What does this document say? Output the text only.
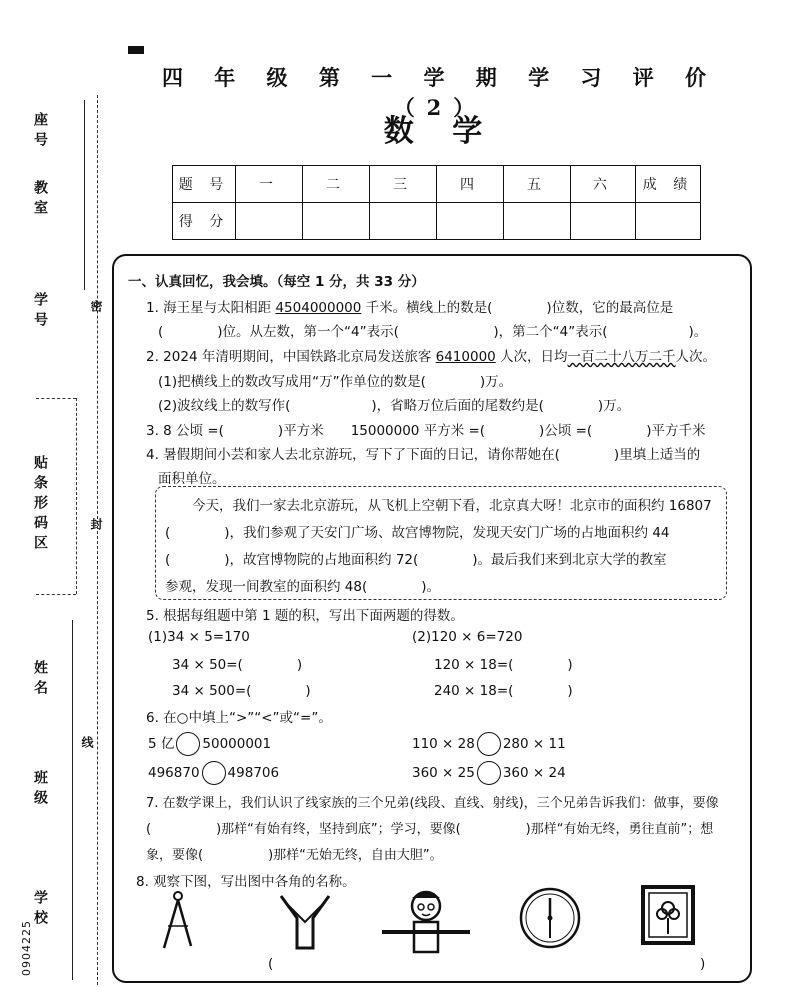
座号
教室
学号
贴条形码区
姓名
班级
学校
0904225
密
封
线
四 年 级 第 一 学 期 学 习 评 价（2）
数 学
题 号	一	二	三	四	五	六	成 绩
得 分							
一、认真回忆，我会填。（每空 1 分，共 33 分）
1. 海王星与太阳相距 4504000000 千米。横线上的数是(　　　　)位数，它的最高位是
(　　　　)位。从左数，第一个“4”表示(　　　　　　　)，第二个“4”表示(　　　　　　)。
2. 2024 年清明期间，中国铁路北京局发送旅客 6410000 人次，日均一百二十八万二千人次。
(1)把横线上的数改写成用“万”作单位的数是(　　　　)万。
(2)波纹线上的数写作(　　　　　　)，省略万位后面的尾数约是(　　　　)万。
3. 8 公顷 =(　　　　)平方米　　15000000 平方米 =(　　　　)公顷 =(　　　　)平方千米
4. 暑假期间小芸和家人去北京游玩，写下了下面的日记，请你帮她在(　　　　)里填上适当的
面积单位。
今天，我们一家去北京游玩，从飞机上空朝下看，北京真大呀！北京市的面积约 16807
(　　　　)，我们参观了天安门广场、故宫博物院，发现天安门广场的占地面积约 44
(　　　　)，故宫博物院的占地面积约 72(　　　　)。最后我们来到北京大学的教室
参观，发现一间教室的面积约 48(　　　　)。
5. 根据每组题中第 1 题的积，写出下面两题的得数。
(1)34 × 5=170
34 × 50=(　　　　)
34 × 500=(　　　　)
(2)120 × 6=720
120 × 18=(　　　　)
240 × 18=(　　　　)
6. 在○中填上“>”“<”或“=”。
5 亿 50000001	110 × 28 280 × 11
496870 498706	360 × 25 360 × 24
7. 在数学课上，我们认识了线家族的三个兄弟(线段、直线、射线)，三个兄弟告诉我们：做事，要像
(　　　　　)那样“有始有终，坚持到底”；学习，要像(　　　　　)那样“有始无终，勇往直前”；想
象，要像(　　　　　)那样“无始无终，自由大胆”。
8. 观察下图，写出图中各角的名称。
(	)
